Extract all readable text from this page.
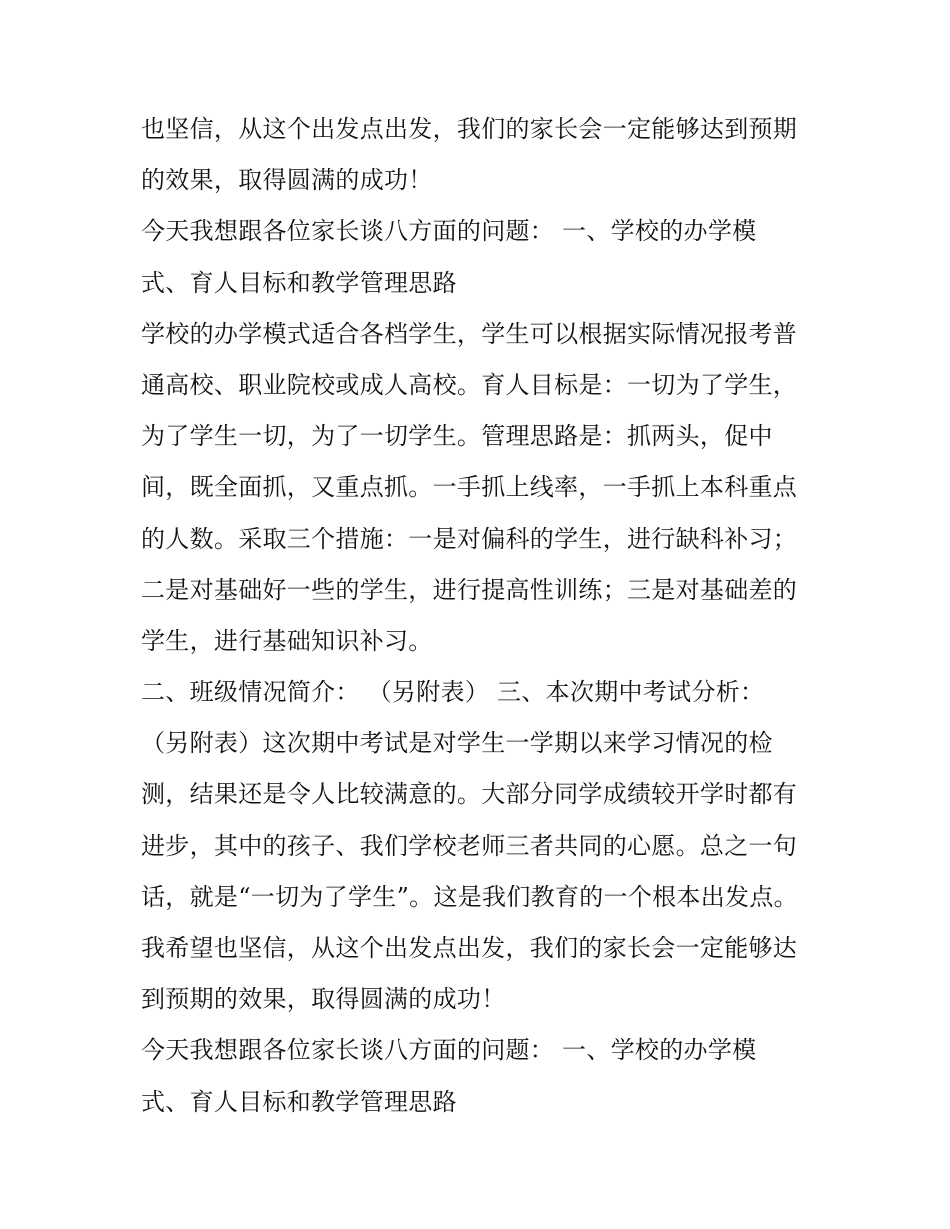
也坚信，从这个出发点出发，我们的家长会一定能够达到预期
的效果，取得圆满的成功！
今天我想跟各位家长谈八方面的问题： 一、学校的办学模
式、育人目标和教学管理思路
学校的办学模式适合各档学生，学生可以根据实际情况报考普
通高校、职业院校或成人高校。育人目标是：一切为了学生，
为了学生一切，为了一切学生。管理思路是：抓两头，促中
间，既全面抓，又重点抓。一手抓上线率，一手抓上本科重点
的人数。采取三个措施：一是对偏科的学生，进行缺科补习；
二是对基础好一些的学生，进行提高性训练；三是对基础差的
学生，进行基础知识补习。
二、班级情况简介： （另附表） 三、本次期中考试分析：
（另附表）这次期中考试是对学生一学期以来学习情况的检
测，结果还是令人比较满意的。大部分同学成绩较开学时都有
进步，其中的孩子、我们学校老师三者共同的心愿。总之一句
话，就是“一切为了学生”。这是我们教育的一个根本出发点。
我希望也坚信，从这个出发点出发，我们的家长会一定能够达
到预期的效果，取得圆满的成功！
今天我想跟各位家长谈八方面的问题： 一、学校的办学模
式、育人目标和教学管理思路
